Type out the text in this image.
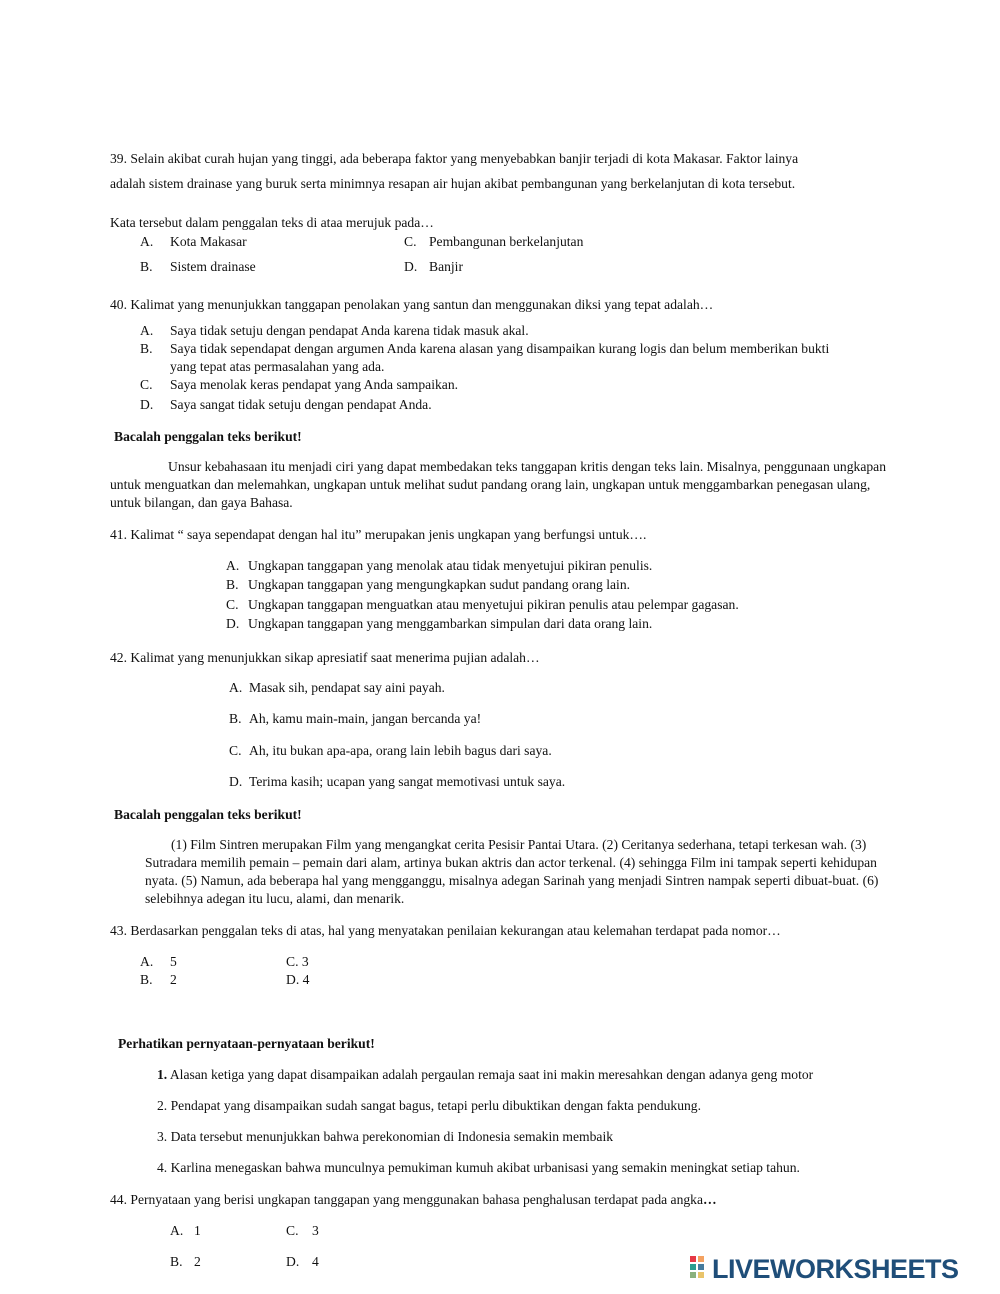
39. Selain akibat curah hujan yang tinggi, ada beberapa faktor yang menyebabkan banjir terjadi di kota Makasar. Faktor lainya
adalah sistem drainase yang buruk serta minimnya resapan air hujan akibat pembangunan yang berkelanjutan di kota tersebut.
Kata tersebut dalam penggalan teks di ataa merujuk pada…
A. Kota Makasar	C. Pembangunan berkelanjutan
B. Sistem drainase	D. Banjir
40. Kalimat yang menunjukkan tanggapan penolakan yang santun dan menggunakan diksi yang tepat adalah…
A. Saya tidak setuju dengan pendapat Anda karena tidak masuk akal.
B. Saya tidak sependapat dengan argumen Anda karena alasan yang disampaikan kurang logis dan belum memberikan bukti
yang tepat atas permasalahan yang ada.
C. Saya menolak keras pendapat yang Anda sampaikan.
D. Saya sangat tidak setuju dengan pendapat Anda.
Bacalah penggalan teks berikut!
Unsur kebahasaan itu menjadi ciri yang dapat membedakan teks tanggapan kritis dengan teks lain. Misalnya, penggunaan ungkapan untuk menguatkan dan melemahkan, ungkapan untuk melihat sudut pandang orang lain, ungkapan untuk menggambarkan penegasan ulang, untuk bilangan, dan gaya Bahasa.
41. Kalimat “ saya sependapat dengan hal itu” merupakan jenis ungkapan yang berfungsi untuk….
A. Ungkapan tanggapan yang menolak atau tidak menyetujui pikiran penulis.
B. Ungkapan tanggapan yang mengungkapkan sudut pandang orang lain.
C. Ungkapan tanggapan menguatkan atau menyetujui pikiran penulis atau pelempar gagasan.
D. Ungkapan tanggapan yang menggambarkan simpulan dari data orang lain.
42. Kalimat yang menunjukkan sikap apresiatif saat menerima pujian adalah…
A. Masak sih, pendapat say aini payah.
B. Ah, kamu main-main, jangan bercanda ya!
C. Ah, itu bukan apa-apa, orang lain lebih bagus dari saya.
D. Terima kasih; ucapan yang sangat memotivasi untuk saya.
Bacalah penggalan teks berikut!
(1) Film Sintren merupakan Film yang mengangkat cerita Pesisir Pantai Utara. (2) Ceritanya sederhana, tetapi terkesan wah. (3) Sutradara memilih pemain – pemain dari alam, artinya bukan aktris dan actor terkenal. (4) sehingga Film ini tampak seperti kehidupan nyata. (5) Namun, ada beberapa hal yang mengganggu, misalnya adegan Sarinah yang menjadi Sintren nampak seperti dibuat-buat. (6) selebihnya adegan itu lucu, alami, dan menarik.
43. Berdasarkan penggalan teks di atas, hal yang menyatakan penilaian kekurangan atau kelemahan terdapat pada nomor…
A. 5	C. 3
B. 2	D. 4
Perhatikan pernyataan-pernyataan berikut!
1. Alasan ketiga yang dapat disampaikan adalah pergaulan remaja saat ini makin meresahkan dengan adanya geng motor
2. Pendapat yang disampaikan sudah sangat bagus, tetapi perlu dibuktikan dengan fakta pendukung.
3. Data tersebut menunjukkan bahwa perekonomian di Indonesia semakin membaik
4. Karlina menegaskan bahwa munculnya pemukiman kumuh akibat urbanisasi yang semakin meningkat setiap tahun.
44. Pernyataan yang berisi ungkapan tanggapan yang menggunakan bahasa penghalusan terdapat pada angka…
A. 1	C. 3
B. 2	D. 4	LIVEWORKSHEETS
